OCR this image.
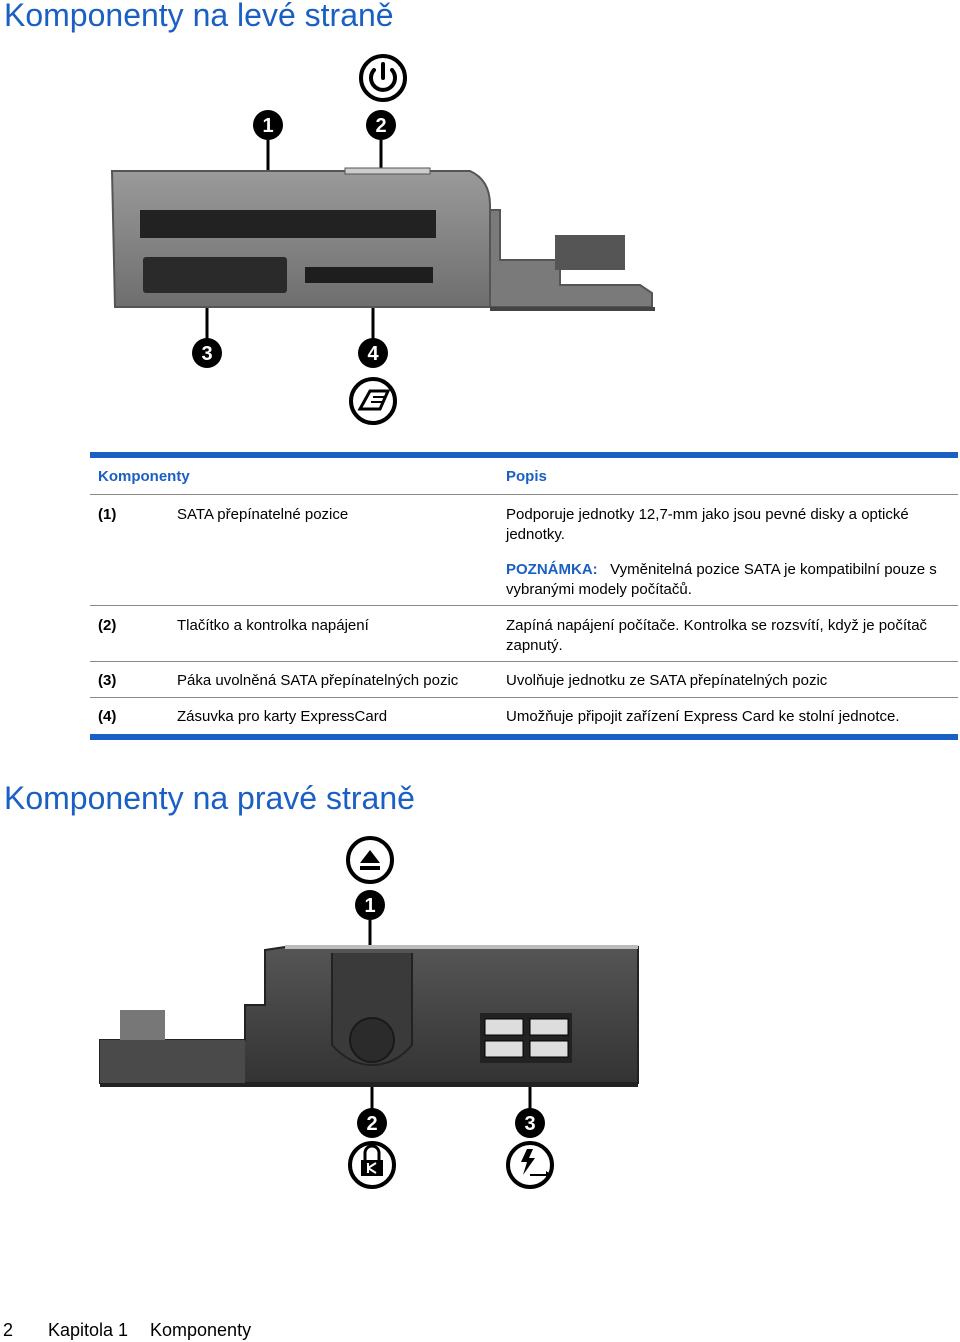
Komponenty na levé straně
1	2
3	4
Komponenty	Popis
(1)	SATA přepínatelné pozice	Podporuje jednotky 12,7-mm jako jsou pevné disky a optické jednotky.
POZNÁMKA: Vyměnitelná pozice SATA je kompatibilní pouze s vybranými modely počítačů.
(2)	Tlačítko a kontrolka napájení	Zapíná napájení počítače. Kontrolka se rozsvítí, když je počítač zapnutý.
(3)	Páka uvolněná SATA přepínatelných pozic	Uvolňuje jednotku ze SATA přepínatelných pozic
(4)	Zásuvka pro karty ExpressCard	Umožňuje připojit zařízení Express Card ke stolní jednotce.
Komponenty na pravé straně
1
2	3
2 Kapitola 1 Komponenty
